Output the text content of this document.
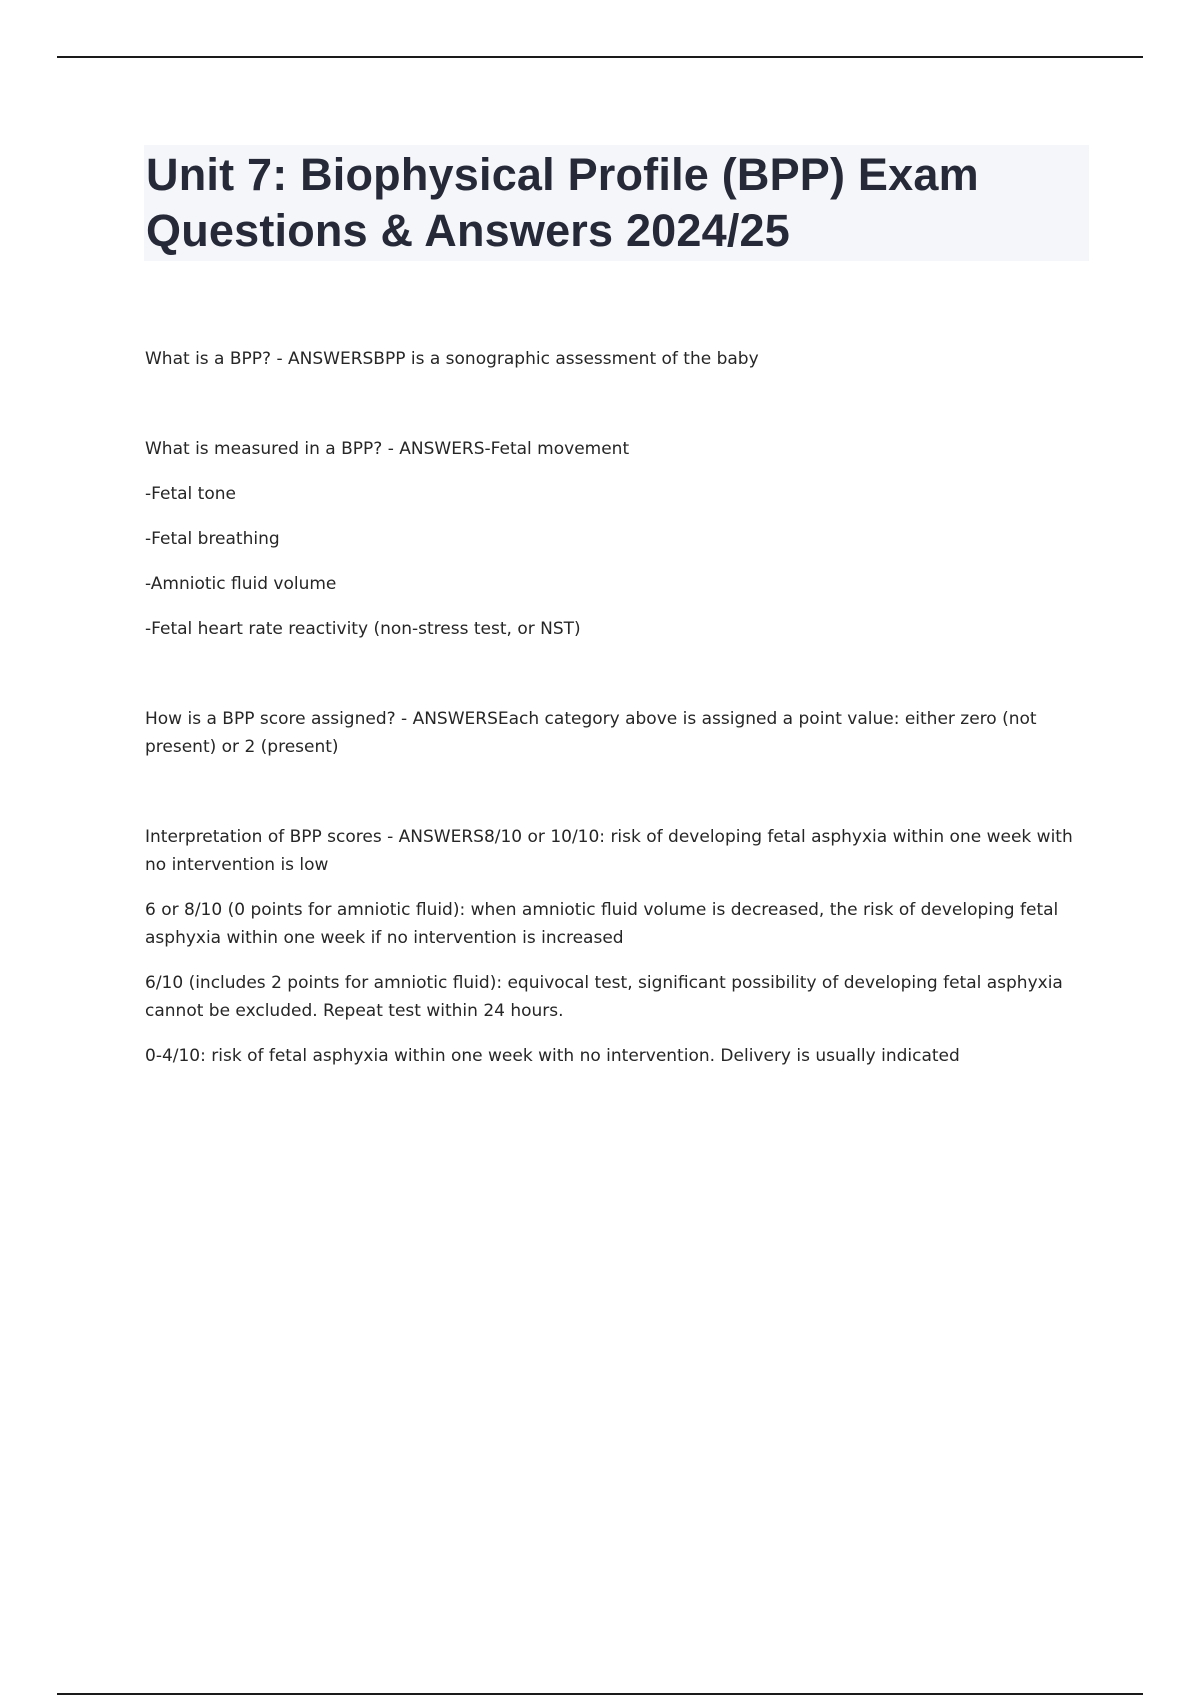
Unit 7: Biophysical Profile (BPP) Exam Questions & Answers 2024/25

What is a BPP? - ANSWERSBPP is a sonographic assessment of the baby

What is measured in a BPP? - ANSWERS-Fetal movement

-Fetal tone

-Fetal breathing

-Amniotic fluid volume

-Fetal heart rate reactivity (non-stress test, or NST)

How is a BPP score assigned? - ANSWERSEach category above is assigned a point value: either zero (not present) or 2 (present)

Interpretation of BPP scores - ANSWERS8/10 or 10/10: risk of developing fetal asphyxia within one week with no intervention is low

6 or 8/10 (0 points for amniotic fluid): when amniotic fluid volume is decreased, the risk of developing fetal asphyxia within one week if no intervention is increased

6/10 (includes 2 points for amniotic fluid): equivocal test, significant possibility of developing fetal asphyxia cannot be excluded. Repeat test within 24 hours.

0-4/10: risk of fetal asphyxia within one week with no intervention. Delivery is usually indicated
